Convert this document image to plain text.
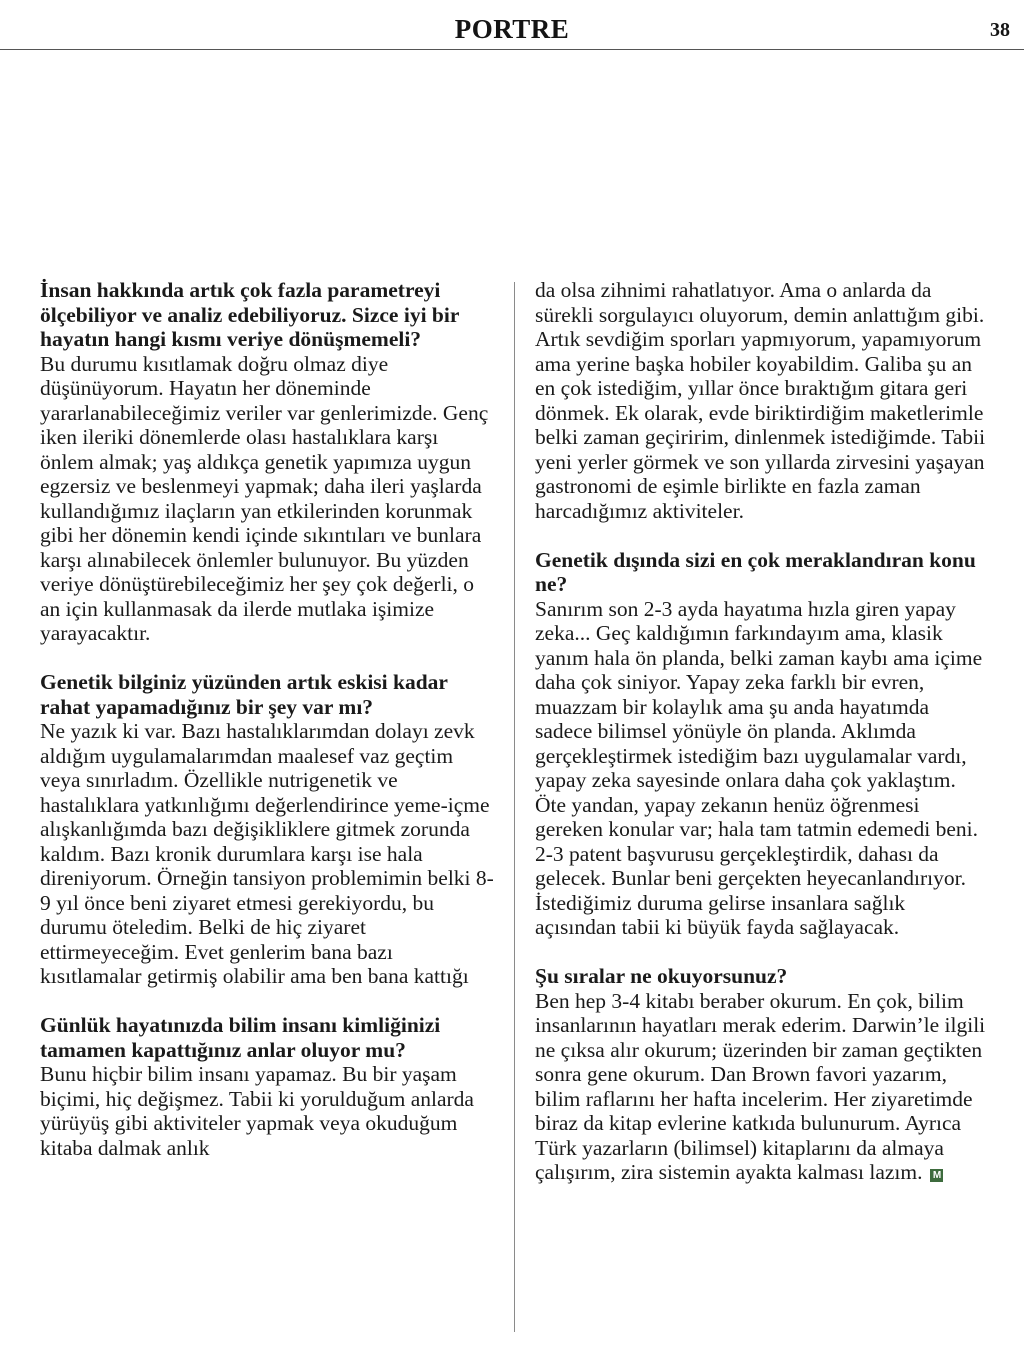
PORTRE	38
İnsan hakkında artık çok fazla parametreyi ölçebiliyor ve analiz edebiliyoruz. Sizce iyi bir hayatın hangi kısmı veriye dönüşmemeli?
Bu durumu kısıtlamak doğru olmaz diye düşünüyorum. Hayatın her döneminde yararlanabileceğimiz veriler var genlerimizde. Genç iken ileriki dönemlerde olası hastalıklara karşı önlem almak; yaş aldıkça genetik yapımıza uygun egzersiz ve beslenmeyi yapmak; daha ileri yaşlarda kullandığımız ilaçların yan etkilerinden korunmak gibi her dönemin kendi içinde sıkıntıları ve bunlara karşı alınabilecek önlemler bulunuyor. Bu yüzden veriye dönüştürebileceğimiz her şey çok değerli, o an için kullanmasak da ilerde mutlaka işimize yarayacaktır.
Genetik bilginiz yüzünden artık eskisi kadar rahat yapamadığınız bir şey var mı?
Ne yazık ki var. Bazı hastalıklarımdan dolayı zevk aldığım uygulamalarımdan maalesef vaz geçtim veya sınırladım. Özellikle nutrigenetik ve hastalıklara yatkınlığımı değerlendirince yeme-içme alışkanlığımda bazı değişikliklere gitmek zorunda kaldım. Bazı kronik durumlara karşı ise hala direniyorum. Örneğin tansiyon problemimin belki 8-9 yıl önce beni ziyaret etmesi gerekiyordu, bu durumu öteledim. Belki de hiç ziyaret ettirmeyeceğim. Evet genlerim bana bazı kısıtlamalar getirmiş olabilir ama ben bana kattığı
Günlük hayatınızda bilim insanı kimliğinizi tamamen kapattığınız anlar oluyor mu?
Bunu hiçbir bilim insanı yapamaz. Bu bir yaşam biçimi, hiç değişmez. Tabii ki yorulduğum anlarda yürüyüş gibi aktiviteler yapmak veya okuduğum kitaba dalmak anlık
da olsa zihnimi rahatlatıyor. Ama o anlarda da sürekli sorgulayıcı oluyorum, demin anlattığım gibi. Artık sevdiğim sporları yapmıyorum, yapamıyorum ama yerine başka hobiler koyabildim. Galiba şu an en çok istediğim, yıllar önce bıraktığım gitara geri dönmek. Ek olarak, evde biriktirdiğim maketlerimle belki zaman geçiririm, dinlenmek istediğimde. Tabii yeni yerler görmek ve son yıllarda zirvesini yaşayan gastronomi de eşimle birlikte en fazla zaman harcadığımız aktiviteler.
Genetik dışında sizi en çok meraklandıran konu ne?
Sanırım son 2-3 ayda hayatıma hızla giren yapay zeka... Geç kaldığımın farkındayım ama, klasik yanım hala ön planda, belki zaman kaybı ama içime daha çok siniyor. Yapay zeka farklı bir evren, muazzam bir kolaylık ama şu anda hayatımda sadece bilimsel yönüyle ön planda. Aklımda gerçekleştirmek istediğim bazı uygulamalar vardı, yapay zeka sayesinde onlara daha çok yaklaştım. Öte yandan, yapay zekanın henüz öğrenmesi gereken konular var; hala tam tatmin edemedi beni. 2-3 patent başvurusu gerçekleştirdik, dahası da gelecek. Bunlar beni gerçekten heyecanlandırıyor. İstediğimiz duruma gelirse insanlara sağlık açısından tabii ki büyük fayda sağlayacak.
Şu sıralar ne okuyorsunuz?
Ben hep 3-4 kitabı beraber okurum. En çok, bilim insanlarının hayatları merak ederim. Darwin’le ilgili ne çıksa alır okurum; üzerinden bir zaman geçtikten sonra gene okurum. Dan Brown favori yazarım, bilim raflarını her hafta incelerim. Her ziyaretimde biraz da kitap evlerine katkıda bulunurum. Ayrıca Türk yazarların (bilimsel) kitaplarını da almaya çalışırım, zira sistemin ayakta kalması lazım. M
